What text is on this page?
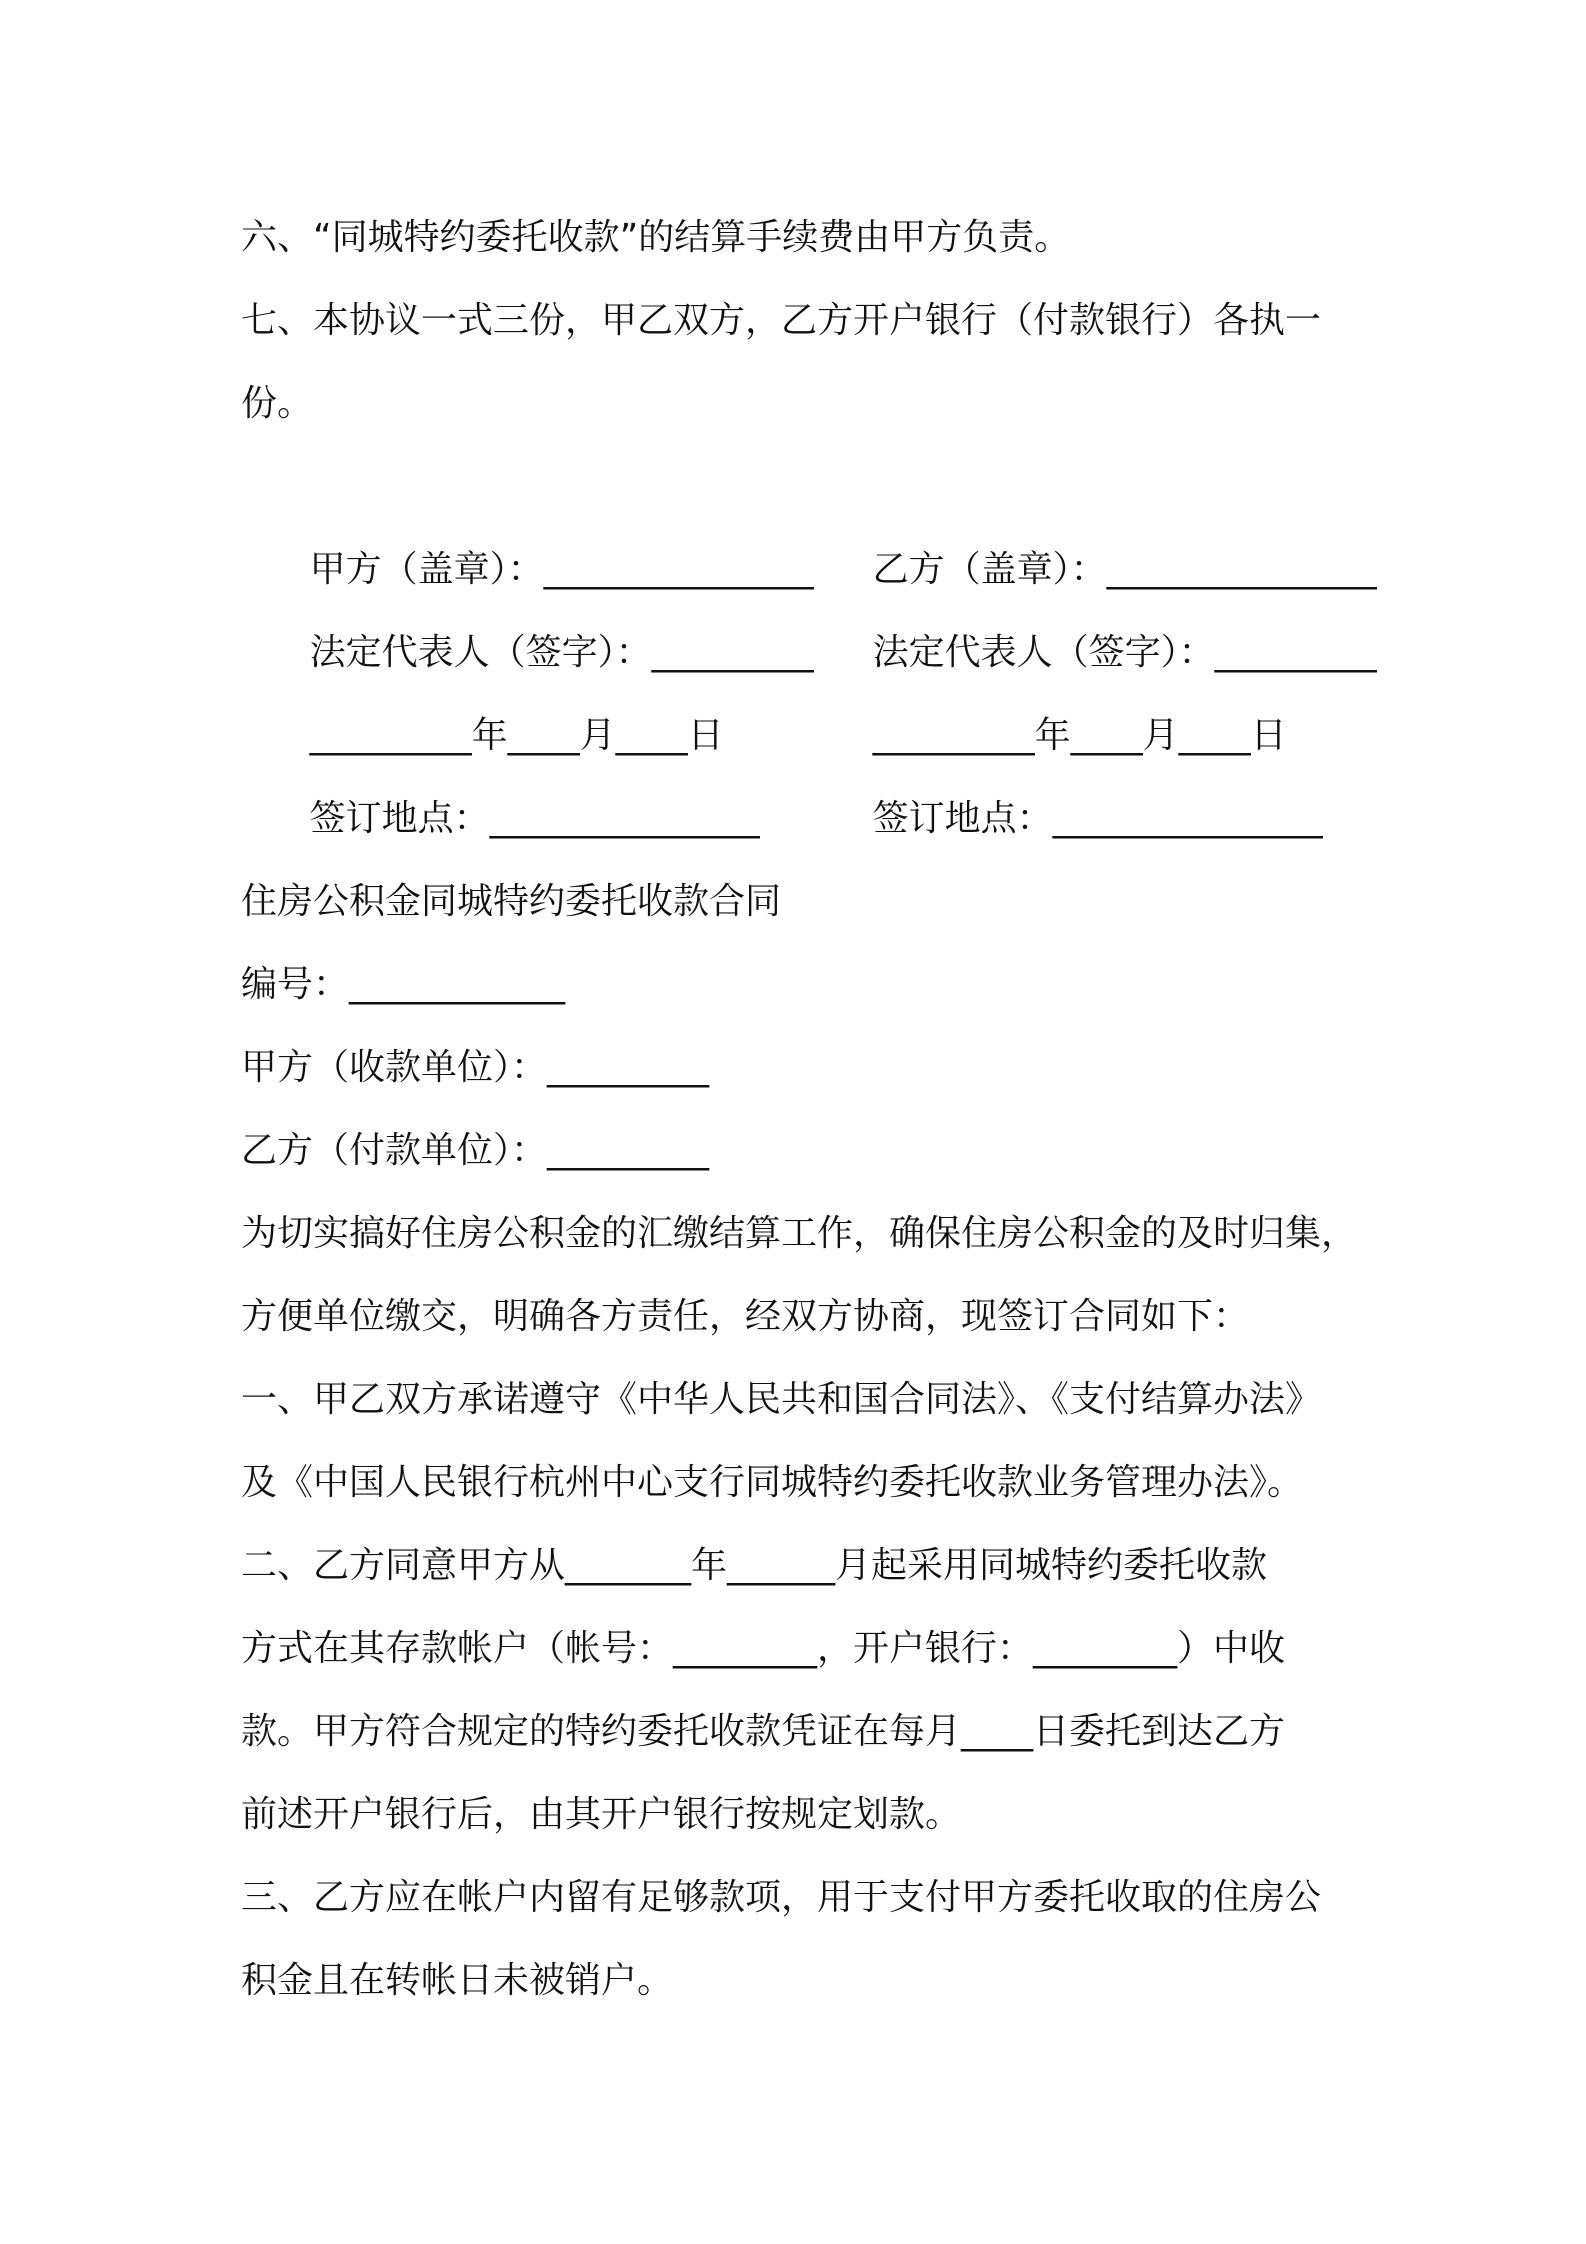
六、“同城特约委托收款”的结算手续费由甲方负责。
七、本协议一式三份，甲乙双方，乙方开户银行（付款银行）各执一
份。

甲方（盖章）：_______________ 乙方（盖章）：_______________

法定代表人（签字）：_________ 法定代表人（签字）：_________

_________年____月____日	_________年____月____日

签订地点：_______________	签订地点：_______________

住房公积金同城特约委托收款合同
编号：____________
甲方（收款单位）：_________
乙方（付款单位）：_________
为切实搞好住房公积金的汇缴结算工作，确保住房公积金的及时归集，
方便单位缴交，明确各方责任，经双方协商，现签订合同如下：
一、甲乙双方承诺遵守《中华人民共和国合同法》、《支付结算办法》
及《中国人民银行杭州中心支行同城特约委托收款业务管理办法》。
二、乙方同意甲方从_______年______月起采用同城特约委托收款
方式在其存款帐户（帐号：________，开户银行：________）中收
款。甲方符合规定的特约委托收款凭证在每月____日委托到达乙方
前述开户银行后，由其开户银行按规定划款。
三、乙方应在帐户内留有足够款项，用于支付甲方委托收取的住房公
积金且在转帐日未被销户。
